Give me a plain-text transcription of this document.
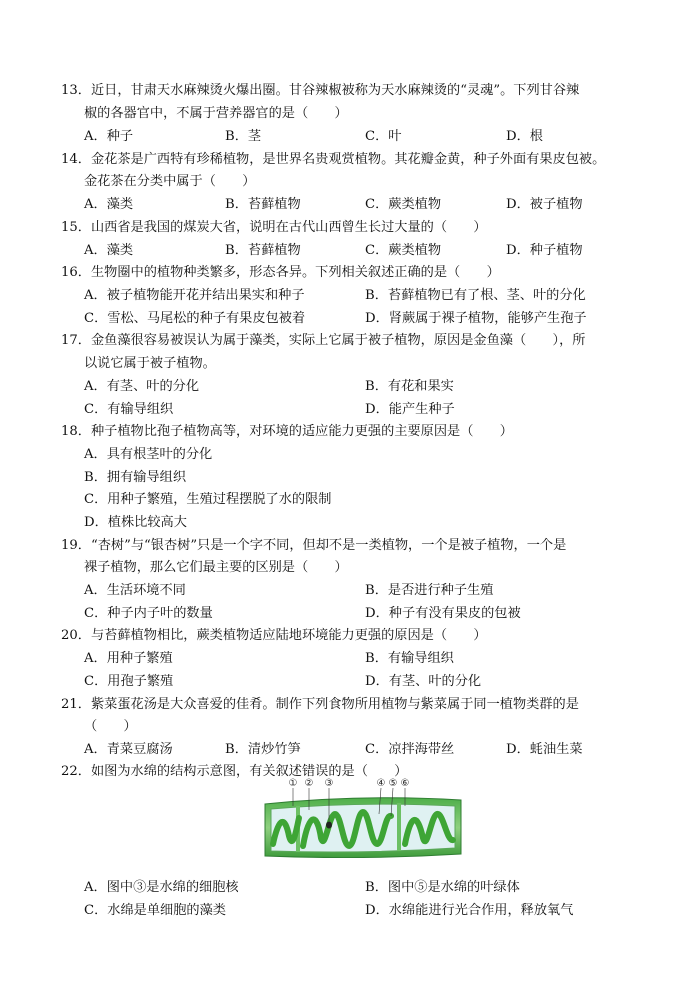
13．近日，甘肃天水麻辣烫火爆出圈。甘谷辣椒被称为天水麻辣烫的“灵魂”。下列甘谷辣
椒的各器官中，不属于营养器官的是（　　）
A．种子	B．茎	C．叶	D．根
14．金花茶是广西特有珍稀植物，是世界名贵观赏植物。其花瓣金黄，种子外面有果皮包被。
金花茶在分类中属于（　　）
A．藻类	B．苔藓植物	C．蕨类植物	D．被子植物
15．山西省是我国的煤炭大省，说明在古代山西曾生长过大量的（　　）
A．藻类	B．苔藓植物	C．蕨类植物	D．种子植物
16．生物圈中的植物种类繁多，形态各异。下列相关叙述正确的是（　　）
A．被子植物能开花并结出果实和种子	B．苔藓植物已有了根、茎、叶的分化
C．雪松、马尾松的种子有果皮包被着	D．肾蕨属于裸子植物，能够产生孢子
17．金鱼藻很容易被误认为属于藻类，实际上它属于被子植物，原因是金鱼藻（　　），所
以说它属于被子植物。
A．有茎、叶的分化	B．有花和果实
C．有输导组织	D．能产生种子
18．种子植物比孢子植物高等，对环境的适应能力更强的主要原因是（　　）
A．具有根茎叶的分化
B．拥有输导组织
C．用种子繁殖，生殖过程摆脱了水的限制
D．植株比较高大
19．“杏树”与“银杏树”只是一个字不同，但却不是一类植物，一个是被子植物，一个是
裸子植物，那么它们最主要的区别是（　　）
A．生活环境不同	B．是否进行种子生殖
C．种子内子叶的数量	D．种子有没有果皮的包被
20．与苔藓植物相比，蕨类植物适应陆地环境能力更强的原因是（　　）
A．用种子繁殖	B．有输导组织
C．用孢子繁殖	D．有茎、叶的分化
21．紫菜蛋花汤是大众喜爱的佳肴。制作下列食物所用植物与紫菜属于同一植物类群的是
（　　）
A．青菜豆腐汤	B．清炒竹笋	C．凉拌海带丝	D．蚝油生菜
22．如图为水绵的结构示意图，有关叙述错误的是（　　）
① ② ③	④ ⑤ ⑥
A．图中③是水绵的细胞核	B．图中⑤是水绵的叶绿体
C．水绵是单细胞的藻类	D．水绵能进行光合作用，释放氧气
